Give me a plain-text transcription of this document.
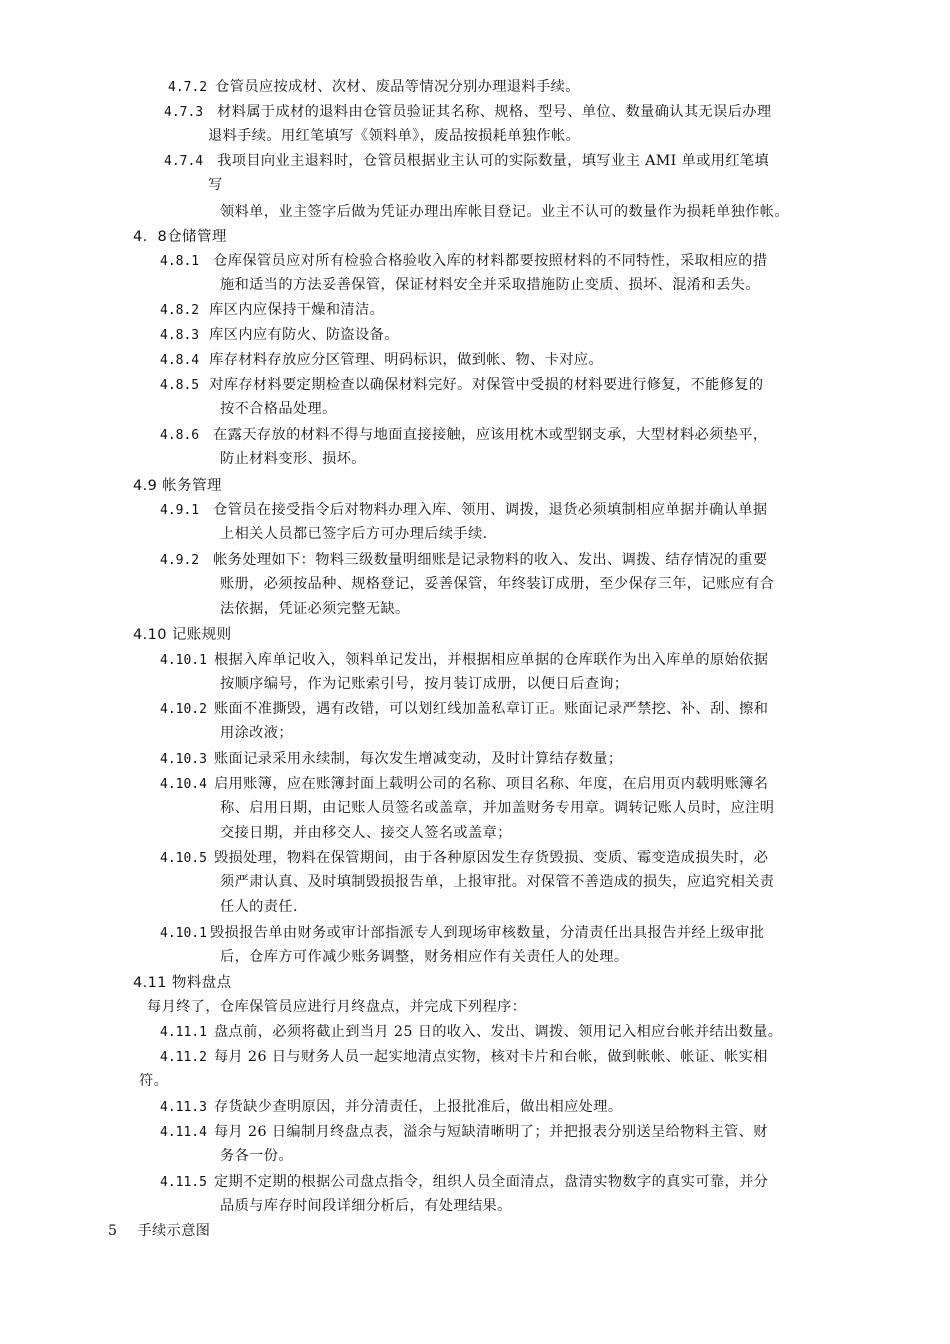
4.7.2 仓管员应按成材、次材、废品等情况分别办理退料手续。
4.7.3 材料属于成材的退料由仓管员验证其名称、规格、型号、单位、数量确认其无误后办理
退料手续。用红笔填写《领料单》，废品按损耗单独作帐。
4.7.4 我项目向业主退料时，仓管员根据业主认可的实际数量，填写业主 AMI 单或用红笔填
写
领料单，业主签字后做为凭证办理出库帐目登记。业主不认可的数量作为损耗单独作帐。
4．8仓储管理
4.8.1 仓库保管员应对所有检验合格验收入库的材料都要按照材料的不同特性，采取相应的措
施和适当的方法妥善保管，保证材料安全并采取措施防止变质、损坏、混淆和丢失。
4.8.2 库区内应保持干燥和清洁。
4.8.3 库区内应有防火、防盗设备。
4.8.4 库存材料存放应分区管理、明码标识，做到帐、物、卡对应。
4.8.5 对库存材料要定期检查以确保材料完好。对保管中受损的材料要进行修复，不能修复的
按不合格品处理。
4.8.6 在露天存放的材料不得与地面直接接触，应该用枕木或型钢支承，大型材料必须垫平，
防止材料变形、损坏。
4.9 帐务管理
4.9.1 仓管员在接受指令后对物料办理入库、领用、调拨，退货必须填制相应单据并确认单据
上相关人员都已签字后方可办理后续手续.
4.9.2 帐务处理如下：物料三级数量明细账是记录物料的收入、发出、调拨、结存情况的重要
账册，必须按品种、规格登记，妥善保管，年终装订成册，至少保存三年，记账应有合
法依据，凭证必须完整无缺。
4.10 记账规则
4.10.1 根据入库单记收入，领料单记发出，并根据相应单据的仓库联作为出入库单的原始依据
按顺序编号，作为记账索引号，按月装订成册，以便日后查询；
4.10.2 账面不准撕毁，遇有改错，可以划红线加盖私章订正。账面记录严禁挖、补、刮、擦和
用涂改液；
4.10.3 账面记录采用永续制，每次发生增减变动，及时计算结存数量；
4.10.4 启用账簿，应在账簿封面上载明公司的名称、项目名称、年度，在启用页内载明账簿名
称、启用日期，由记账人员签名或盖章，并加盖财务专用章。调转记账人员时，应注明
交接日期，并由移交人、接交人签名或盖章；
4.10.5 毁损处理，物料在保管期间，由于各种原因发生存货毁损、变质、霉变造成损失时，必
须严肃认真、及时填制毁损报告单，上报审批。对保管不善造成的损失，应追究相关责
任人的责任.
4.10.1 毁损报告单由财务或审计部指派专人到现场审核数量，分清责任出具报告并经上级审批
后，仓库方可作减少账务调整，财务相应作有关责任人的处理。
4.11 物料盘点
每月终了，仓库保管员应进行月终盘点，并完成下列程序：
4.11.1 盘点前，必须将截止到当月 25 日的收入、发出、调拨、领用记入相应台帐并结出数量。
4.11.2 每月 26 日与财务人员一起实地清点实物，核对卡片和台帐，做到帐帐、帐证、帐实相
符。
4.11.3 存货缺少查明原因，并分清责任，上报批准后，做出相应处理。
4.11.4 每月 26 日编制月终盘点表，溢余与短缺清晰明了；并把报表分别送呈给物料主管、财
务各一份。
4.11.5 定期不定期的根据公司盘点指令，组织人员全面清点，盘清实物数字的真实可靠，并分
品质与库存时间段详细分析后，有处理结果。
5 手续示意图
